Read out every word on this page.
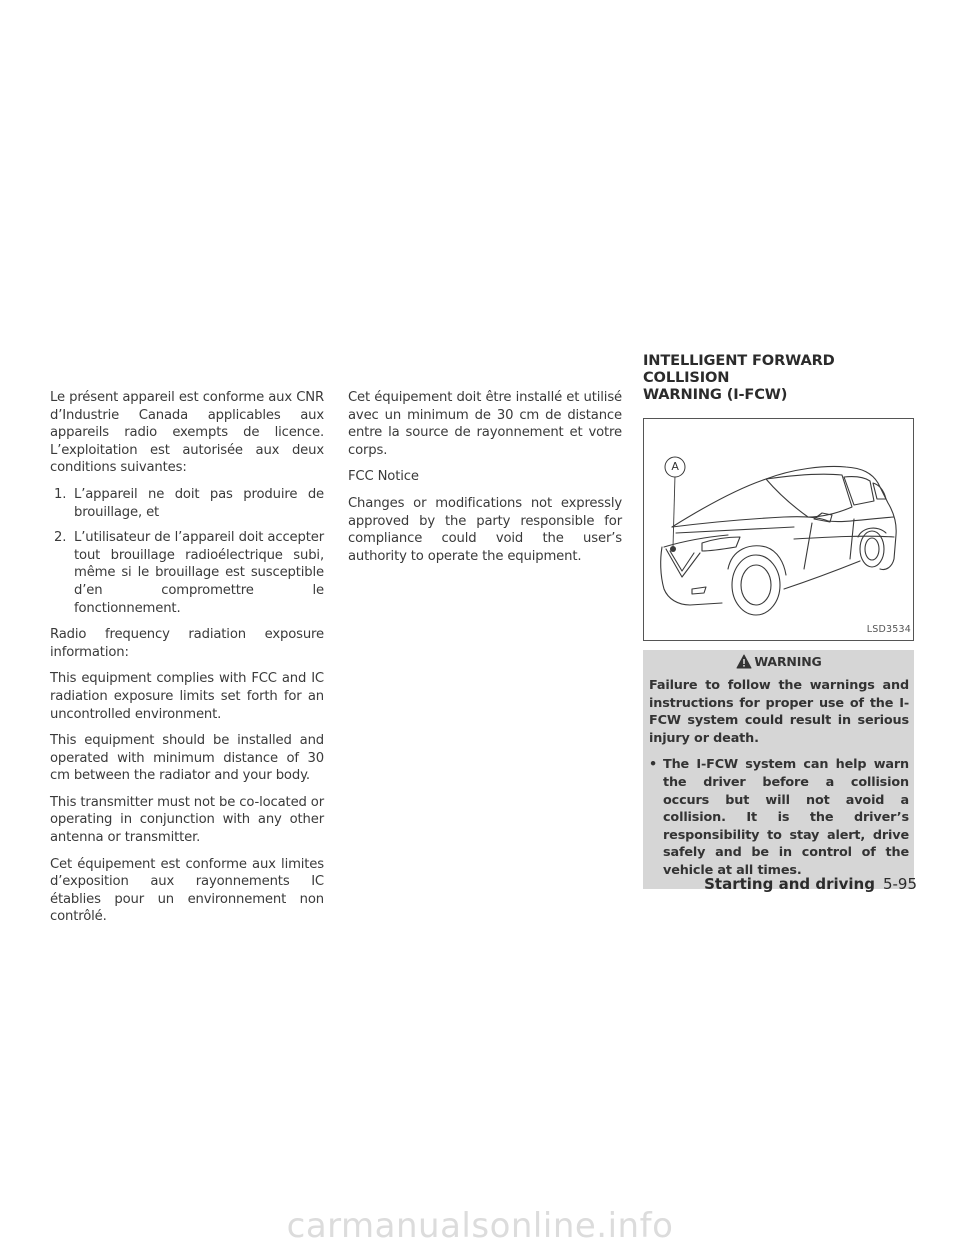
Le présent appareil est conforme aux CNR d’Industrie Canada applicables aux appareils radio exempts de licence. L’exploitation est autorisée aux deux conditions suivantes:

1. L’appareil ne doit pas produire de brouillage, et
2. L’utilisateur de l’appareil doit accepter tout brouillage radioélectrique subi, même si le brouillage est susceptible d’en compromettre le fonctionnement.

Radio frequency radiation exposure information:

This equipment complies with FCC and IC radiation exposure limits set forth for an uncontrolled environment.

This equipment should be installed and operated with minimum distance of 30 cm between the radiator and your body.

This transmitter must not be co-located or operating in conjunction with any other antenna or transmitter.

Cet équipement est conforme aux limites d’exposition aux rayonnements IC établies pour un environnement non contrôlé.

Cet équipement doit être installé et utilisé avec un minimum de 30 cm de distance entre la source de rayonnement et votre corps.

FCC Notice

Changes or modifications not expressly approved by the party responsible for compliance could void the user’s authority to operate the equipment.

INTELLIGENT FORWARD COLLISION
WARNING (I-FCW)
A
LSD3534
WARNING

Failure to follow the warnings and instructions for proper use of the I-FCW system could result in serious injury or death.

• The I-FCW system can help warn the driver before a collision occurs but will not avoid a collision. It is the driver’s responsibility to stay alert, drive safely and be in control of the vehicle at all times.
Starting and driving 5-95
carmanualsonline.info
